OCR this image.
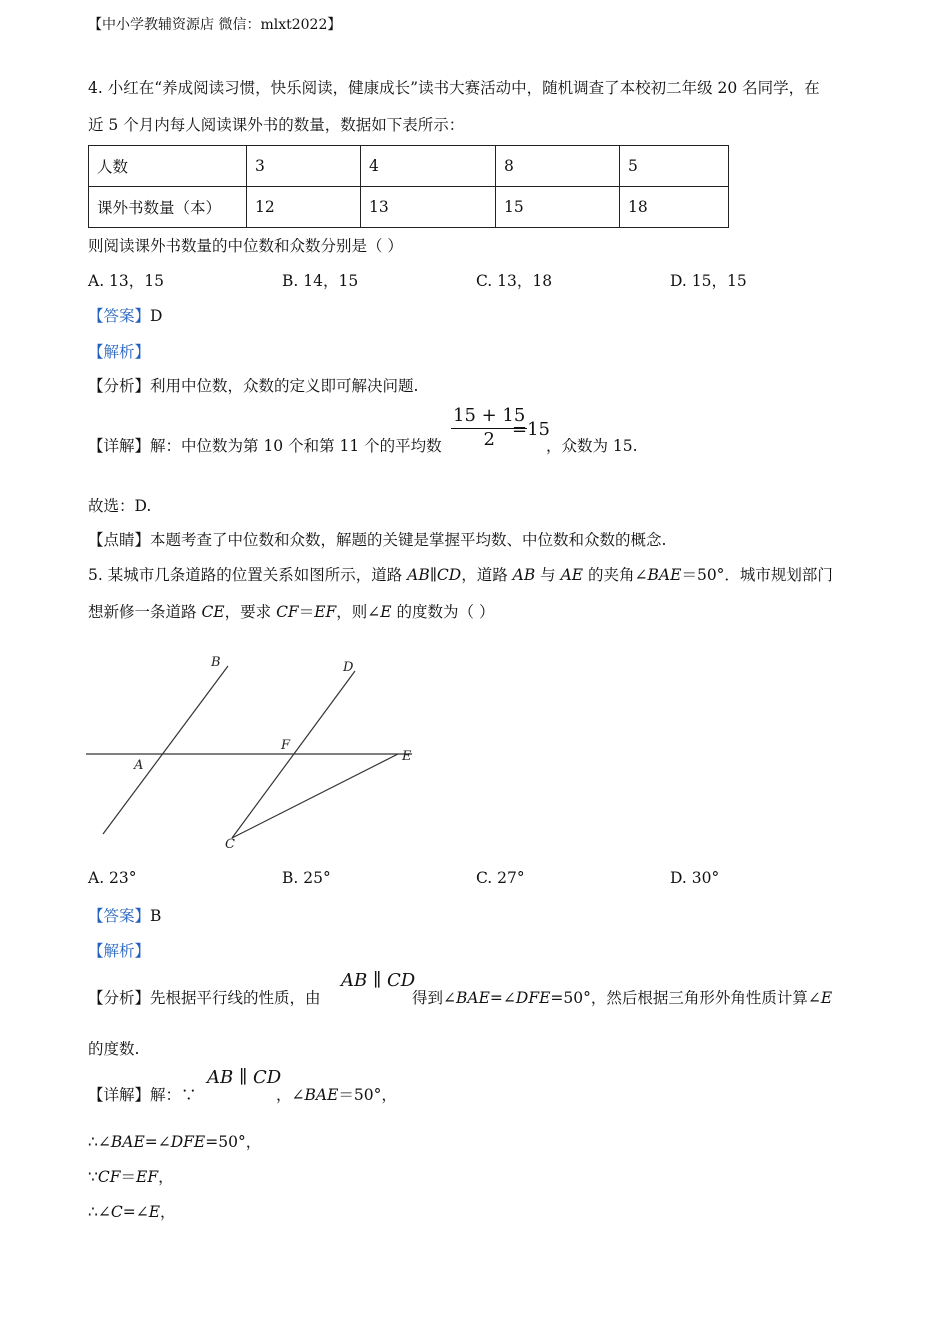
【中小学教辅资源店 微信：mlxt2022】
4. 小红在“养成阅读习惯，快乐阅读，健康成长”读书大赛活动中，随机调查了本校初二年级 20 名同学，在
近 5 个月内每人阅读课外书的数量，数据如下表所示：
人数	3	4	8	5
课外书数量（本）	12	13	15	18
则阅读课外书数量的中位数和众数分别是（ ）
A. 13，15	B. 14，15	C. 13，18	D. 15，15
【答案】D
【解析】
【分析】利用中位数，众数的定义即可解决问题.
【详解】解：中位数为第 10 个和第 11 个的平均数 $\frac{15 + 15}{2}$
=15
，众数为 15.
故选：D.
【点睛】本题考查了中位数和众数，解题的关键是掌握平均数、中位数和众数的概念.
5. 某城市几条道路的位置关系如图所示，道路 AB∥CD，道路 AB 与 AE 的夹角∠BAE＝50°．城市规划部门
想新修一条道路 CE，要求 CF＝EF，则∠E 的度数为（ ）
B	D
F
E
A
C
A. 23°	B. 25°	C. 27°	D. 30°
【答案】B
【解析】
【分析】先根据平行线的性质，由
AB ∥ CD
得到∠BAE=∠DFE=50°，然后根据三角形外角性质计算∠E
的度数.
【详解】解：∵
AB ∥ CD
，∠BAE＝50°，
∴∠BAE=∠DFE=50°，
∵CF＝EF，
∴∠C=∠E，
